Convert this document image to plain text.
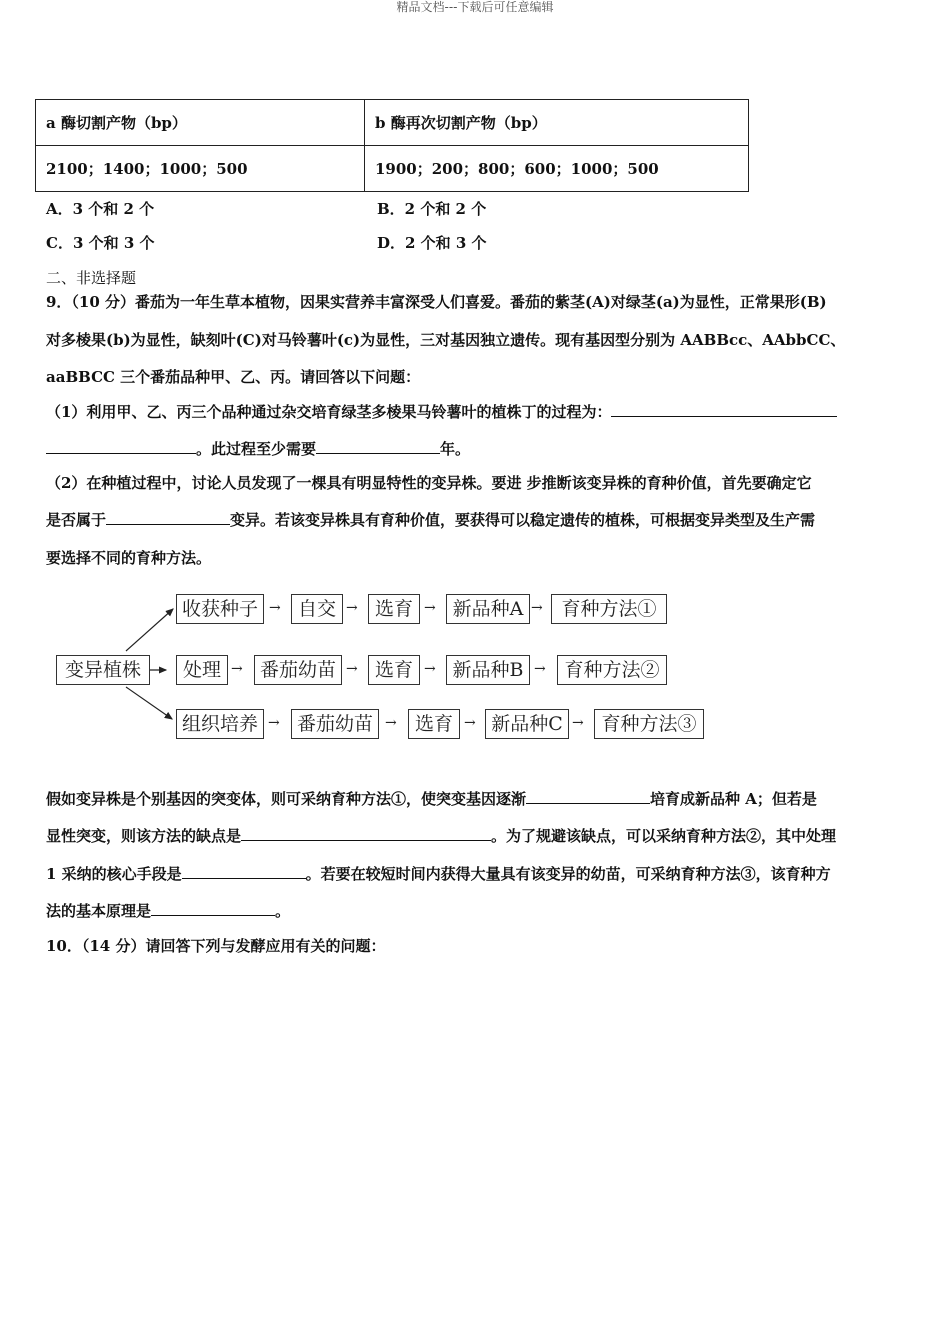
精品文档---下载后可任意编辑
a 酶切割产物（bp）	b 酶再次切割产物（bp）
2100；1400；1000；500	1900；200；800；600；1000；500
A．3 个和 2 个	B．2 个和 2 个
C．3 个和 3 个	D．2 个和 3 个
二、非选择题
9．（10 分）番茄为一年生草本植物，因果实营养丰富深受人们喜爱。番茄的紫茎(A)对绿茎(a)为显性，正常果形(B)
对多棱果(b)为显性，缺刻叶(C)对马铃薯叶(c)为显性，三对基因独立遗传。现有基因型分别为 AABBcc、AAbbCC、
aaBBCC 三个番茄品种甲、乙、丙。请回答以下问题：
（1）利用甲、乙、丙三个品种通过杂交培育绿茎多棱果马铃薯叶的植株丁的过程为：
。此过程至少需要	年。
（2）在种植过程中，讨论人员发现了一棵具有明显特性的变异株。要进 步推断该变异株的育种价值，首先要确定它
是否属于	变异。若该变异株具有育种价值，要获得可以稳定遗传的植株，可根据变异类型及生产需
要选择不同的育种方法。
变异植株
收获种子 → 自交 → 选育 → 新品种A → 育种方法①
处理 → 番茄幼苗 → 选育 → 新品种B → 育种方法②
组织培养 → 番茄幼苗 → 选育 → 新品种C → 育种方法③
假如变异株是个别基因的突变体，则可采纳育种方法①，使突变基因逐渐	培育成新品种 A；但若是
显性突变，则该方法的缺点是	。为了规避该缺点，可以采纳育种方法②，其中处理
1 采纳的核心手段是	。若要在较短时间内获得大量具有该变异的幼苗，可采纳育种方法③，该育种方
法的基本原理是	。
10．（14 分）请回答下列与发酵应用有关的问题：
